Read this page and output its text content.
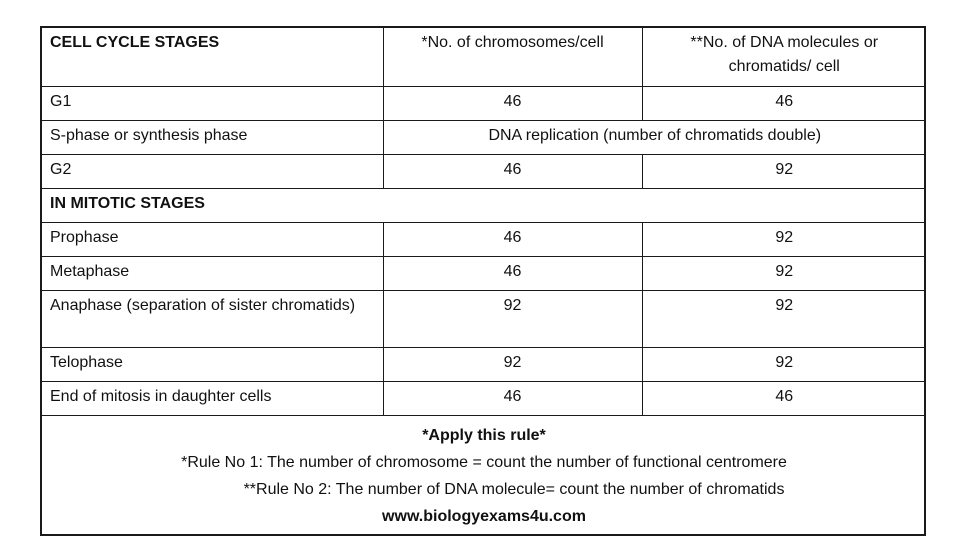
CELL CYCLE STAGES	*No. of chromosomes/cell	**No. of DNA molecules or chromatids/ cell
G1	46	46
S-phase or synthesis phase	DNA replication (number of chromatids double)	
G2	46	92
IN MITOTIC STAGES		
Prophase	46	92
Metaphase	46	92
Anaphase (separation of sister chromatids)	92	92
Telophase	92	92
End of mitosis in daughter cells	46	46

*Apply this rule*
*Rule No 1: The number of chromosome = count the number of functional centromere
**Rule No 2: The number of DNA molecule= count the number of chromatids
www.biologyexams4u.com		
